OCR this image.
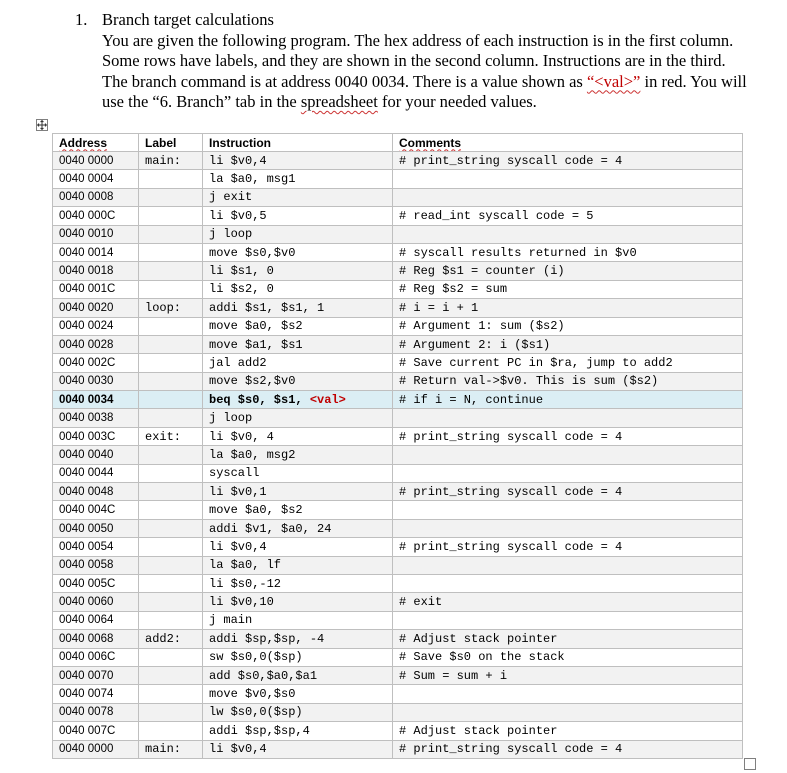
1. Branch target calculations

You are given the following program. The hex address of each instruction is in the first column. Some rows have labels, and they are shown in the second column. Instructions are in the third. The branch command is at address 0040 0034. There is a value shown as “<val>” in red. You will use the “6. Branch” tab in the spreadsheet for your needed values.

Address	Label	Instruction	Comments
0040 0000	main:	li $v0,4	# print_string syscall code = 4
0040 0004		la $a0, msg1	
0040 0008		j exit	
0040 000C		li $v0,5	# read_int syscall code = 5
0040 0010		j loop	
0040 0014		move $s0,$v0	# syscall results returned in $v0
0040 0018		li $s1, 0	# Reg $s1 = counter (i)
0040 001C		li $s2, 0	# Reg $s2 = sum
0040 0020	loop:	addi $s1, $s1, 1	# i = i + 1
0040 0024		move $a0, $s2	# Argument 1: sum ($s2)
0040 0028		move $a1, $s1	# Argument 2: i ($s1)
0040 002C		jal add2	# Save current PC in $ra, jump to add2
0040 0030		move $s2,$v0	# Return val->$v0. This is sum ($s2)
0040 0034		beq $s0, $s1, <val>	# if i = N, continue
0040 0038		j loop	
0040 003C	exit:	li $v0, 4	# print_string syscall code = 4
0040 0040		la $a0, msg2	
0040 0044		syscall	
0040 0048		li $v0,1	# print_string syscall code = 4
0040 004C		move $a0, $s2	
0040 0050		addi $v1, $a0, 24	
0040 0054		li $v0,4	# print_string syscall code = 4
0040 0058		la $a0, lf	
0040 005C		li $s0,-12	
0040 0060		li $v0,10	# exit
0040 0064		j main	
0040 0068	add2:	addi $sp,$sp, -4	# Adjust stack pointer
0040 006C		sw $s0,0($sp)	# Save $s0 on the stack
0040 0070		add $s0,$a0,$a1	# Sum = sum + i
0040 0074		move $v0,$s0	
0040 0078		lw $s0,0($sp)	
0040 007C		addi $sp,$sp,4	# Adjust stack pointer
0040 0000	main:	li $v0,4	# print_string syscall code = 4
